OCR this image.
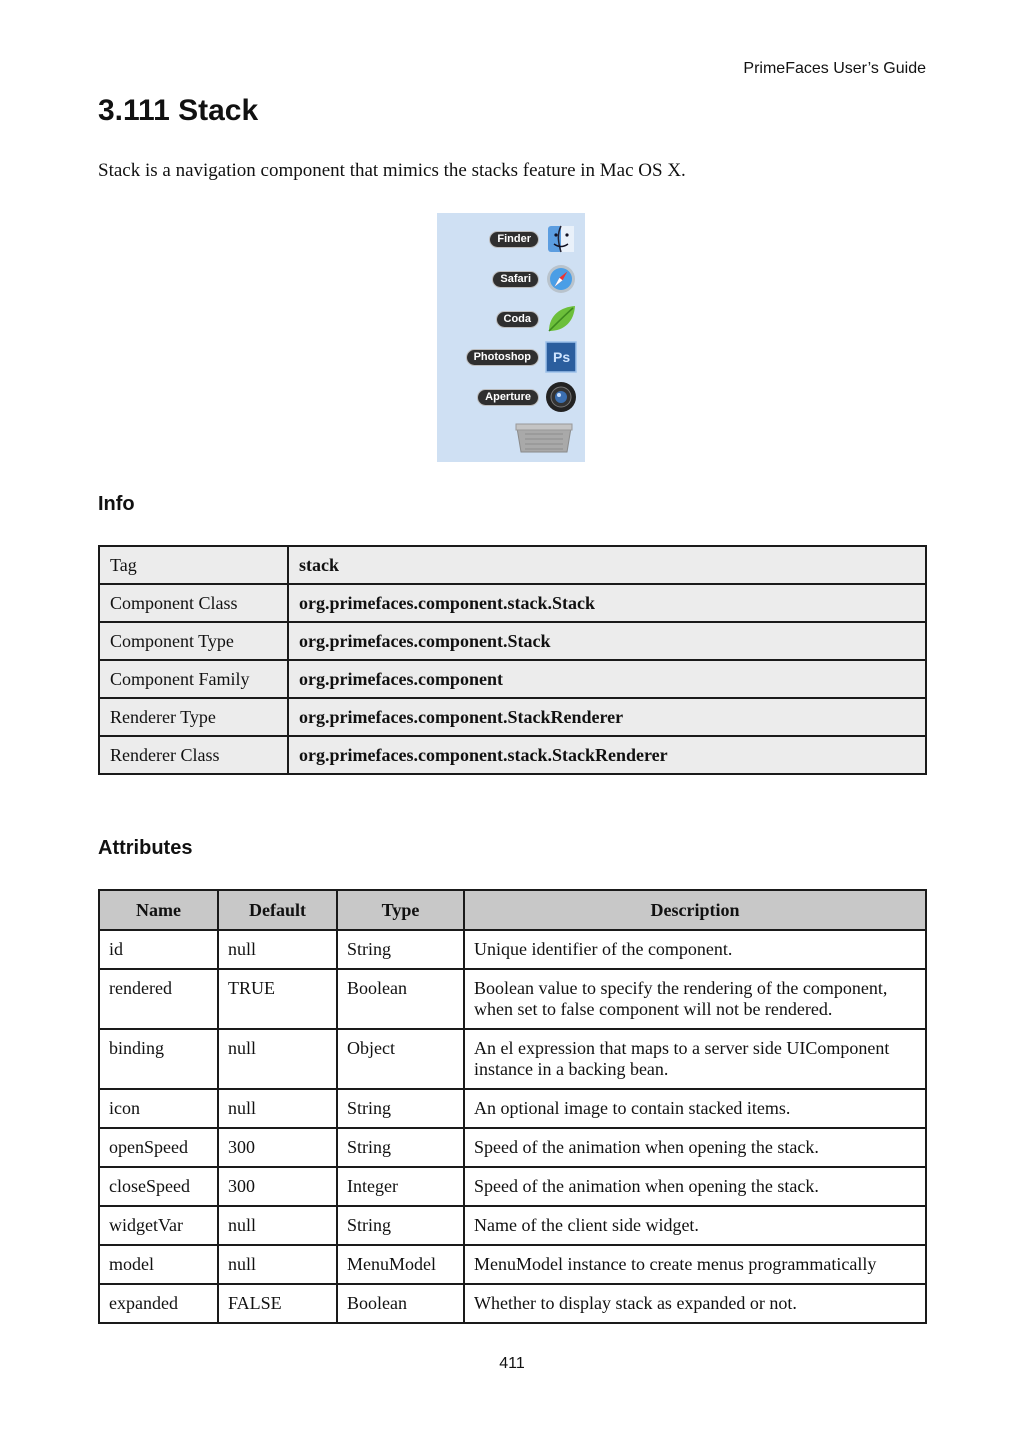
PrimeFaces User’s Guide
3.111 Stack

Stack is a navigation component that mimics the stacks feature in Mac OS X.

Finder
Safari
Coda
Photoshop	Ps
Aperture
Info
Tag	stack
Component Class	org.primefaces.component.stack.Stack
Component Type	org.primefaces.component.Stack
Component Family	org.primefaces.component
Renderer Type	org.primefaces.component.StackRenderer
Renderer Class	org.primefaces.component.stack.StackRenderer
Attributes
Name	Default	Type	Description
id	null	String	Unique identifier of the component.
rendered	TRUE	Boolean	Boolean value to specify the rendering of the component, when set to false component will not be rendered.
binding	null	Object	An el expression that maps to a server side UIComponent instance in a backing bean.
icon	null	String	An optional image to contain stacked items.
openSpeed	300	String	Speed of the animation when opening the stack.
closeSpeed	300	Integer	Speed of the animation when opening the stack.
widgetVar	null	String	Name of the client side widget.
model	null	MenuModel	MenuModel instance to create menus programmatically
expanded	FALSE	Boolean	Whether to display stack as expanded or not.
411
